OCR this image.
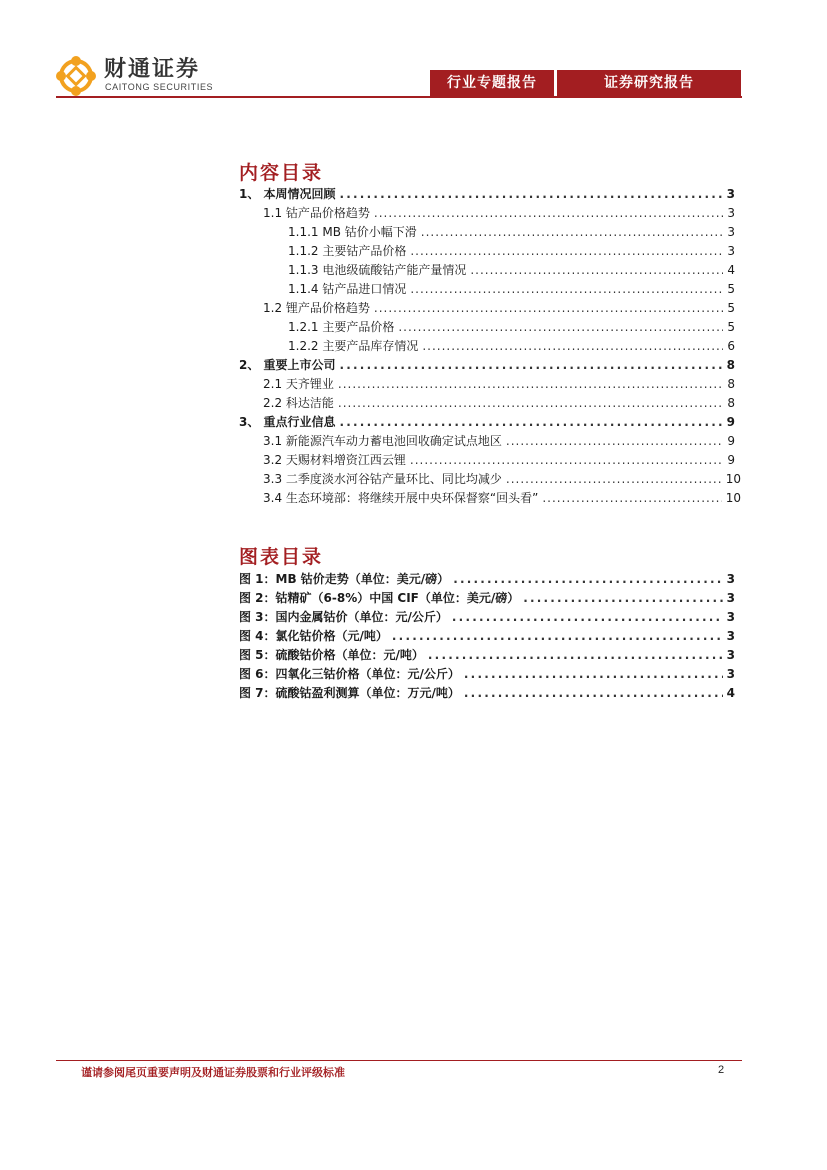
财通证券
CAITONG SECURITIES	行业专题报告	证券研究报告
内容目录
1、 本周情况回顾 .....	3
1.1 钴产品价格趋势 .....	3
1.1.1 MB 钴价小幅下滑 .....	3
1.1.2 主要钴产品价格 .....	3
1.1.3 电池级硫酸钴产能产量情况 .....	4
1.1.4 钴产品进口情况 .....	5
1.2 锂产品价格趋势 .....	5
1.2.1 主要产品价格 .....	5
1.2.2 主要产品库存情况 .....	6
2、 重要上市公司 .....	8
2.1 天齐锂业 .....	8
2.2 科达洁能 .....	8
3、 重点行业信息 .....	9
3.1 新能源汽车动力蓄电池回收确定试点地区 .....	9
3.2 天赐材料增资江西云锂 .....	9
3.3 二季度淡水河谷钴产量环比、同比均减少 .....	10
3.4 生态环境部：将继续开展中央环保督察“回头看” .....	10
图表目录
图 1：MB 钴价走势（单位：美元/磅） .....	3
图 2：钴精矿（6-8%）中国 CIF（单位：美元/磅） .....	3
图 3：国内金属钴价（单位：元/公斤） .....	3
图 4：氯化钴价格（元/吨） .....	3
图 5：硫酸钴价格（单位：元/吨） .....	3
图 6：四氧化三钴价格（单位：元/公斤） .....	3
图 7：硫酸钴盈利测算（单位：万元/吨） .....	4
谨请参阅尾页重要声明及财通证券股票和行业评级标准	2
